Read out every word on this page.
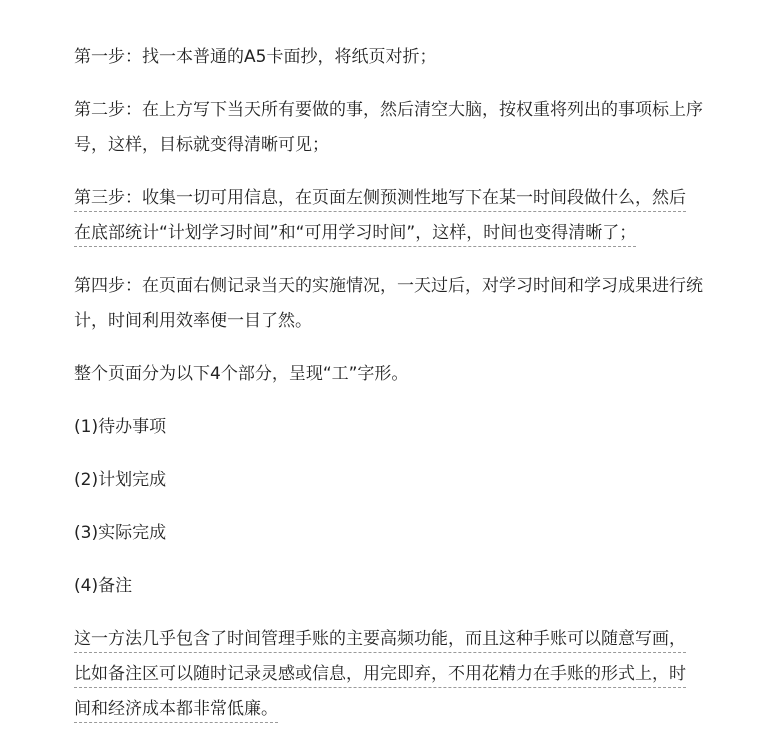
第一步：找一本普通的A5卡面抄，将纸页对折；

第二步：在上方写下当天所有要做的事，然后清空大脑，按权重将列出的事项标上序号，这样，目标就变得清晰可见；

第三步：收集一切可用信息，在页面左侧预测性地写下在某一时间段做什么，然后
在底部统计“计划学习时间”和“可用学习时间”，这样，时间也变得清晰了；

第四步：在页面右侧记录当天的实施情况，一天过后，对学习时间和学习成果进行统计，时间利用效率便一目了然。

整个页面分为以下4个部分，呈现“工”字形。

(1)待办事项

(2)计划完成

(3)实际完成

(4)备注

这一方法几乎包含了时间管理手账的主要高频功能，而且这种手账可以随意写画，
比如备注区可以随时记录灵感或信息，用完即弃，不用花精力在手账的形式上，时
间和经济成本都非常低廉。
